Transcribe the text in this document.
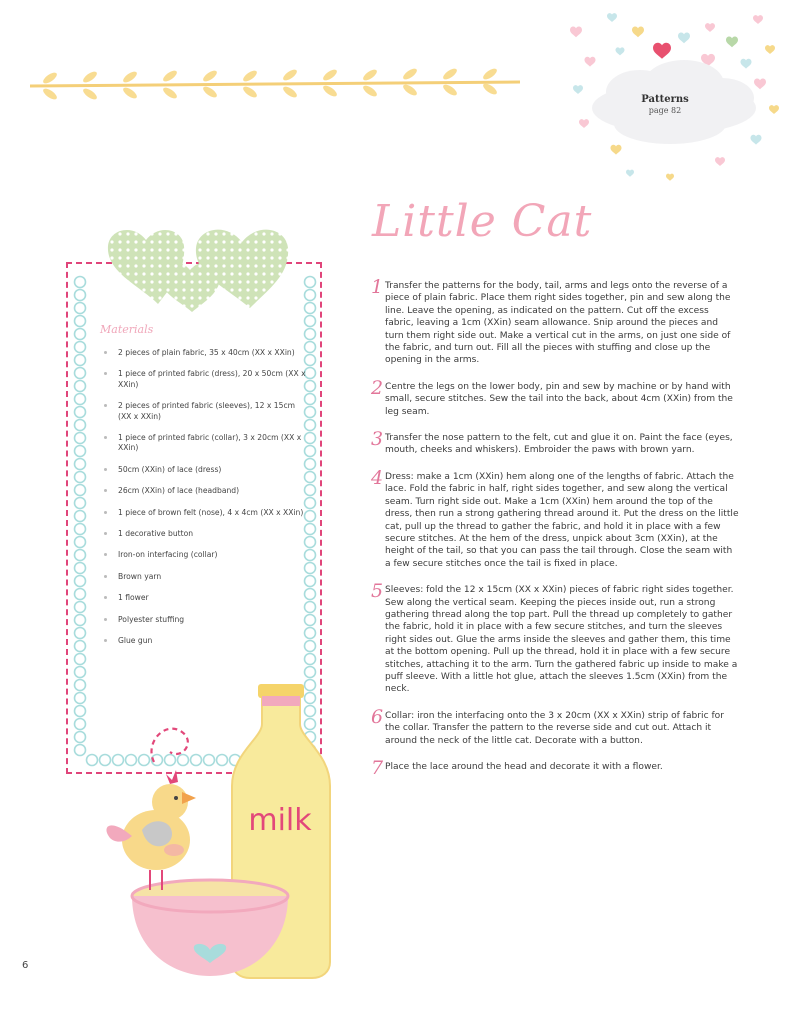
Patterns
page 82
Little Cat
1 Transfer the patterns for the body, tail, arms and legs onto the reverse of a piece of plain fabric. Place them right sides together, pin and sew along the line. Leave the opening, as indicated on the pattern. Cut off the excess fabric, leaving a 1cm (XXin) seam allowance. Snip around the pieces and turn them right side out. Make a vertical cut in the arms, on just one side of the fabric, and turn out. Fill all the pieces with stuffing and close up the opening in the arms.
2 Centre the legs on the lower body, pin and sew by machine or by hand with small, secure stitches. Sew the tail into the back, about 4cm (XXin) from the leg seam.
3 Transfer the nose pattern to the felt, cut and glue it on. Paint the face (eyes, mouth, cheeks and whiskers). Embroider the paws with brown yarn.
4 Dress: make a 1cm (XXin) hem along one of the lengths of fabric. Attach the lace. Fold the fabric in half, right sides together, and sew along the vertical seam. Turn right side out. Make a 1cm (XXin) hem around the top of the dress, then run a strong gathering thread around it. Put the dress on the little cat, pull up the thread to gather the fabric, and hold it in place with a few secure stitches. At the hem of the dress, unpick about 3cm (XXin), at the height of the tail, so that you can pass the tail through. Close the seam with a few secure stitches once the tail is fixed in place.
5 Sleeves: fold the 12 x 15cm (XX x XXin) pieces of fabric right sides together. Sew along the vertical seam. Keeping the pieces inside out, run a strong gathering thread along the top part. Pull the thread up completely to gather the fabric, hold it in place with a few secure stitches, and turn the sleeves right sides out. Glue the arms inside the sleeves and gather them, this time at the bottom opening. Pull up the thread, hold it in place with a few secure stitches, attaching it to the arm. Turn the gathered fabric up inside to make a puff sleeve. With a little hot glue, attach the sleeves 1.5cm (XXin) from the neck.
6 Collar: iron the interfacing onto the 3 x 20cm (XX x XXin) strip of fabric for the collar. Transfer the pattern to the reverse side and cut out. Attach it around the neck of the little cat. Decorate with a button.
7 Place the lace around the head and decorate it with a flower.
Materials
2 pieces of plain fabric, 35 x 40cm (XX x XXin)
1 piece of printed fabric (dress), 20 x 50cm (XX x XXin)
2 pieces of printed fabric (sleeves), 12 x 15cm (XX x XXin)
1 piece of printed fabric (collar), 3 x 20cm (XX x XXin)
50cm (XXin) of lace (dress)
26cm (XXin) of lace (headband)
1 piece of brown felt (nose), 4 x 4cm (XX x XXin)
1 decorative button
Iron-on interfacing (collar)
Brown yarn
1 flower
Polyester stuffing
Glue gun
milk
6
